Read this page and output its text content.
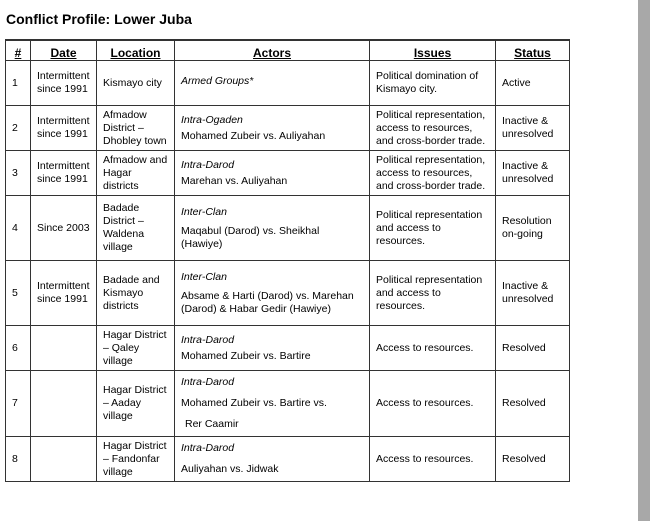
Conflict Profile: Lower Juba
#	Date	Location	Actors	Issues	Status
1	Intermittent since 1991	Kismayo city	Armed Groups*	Political domination of Kismayo city.	Active
2	Intermittent since 1991	Afmadow District – Dhobley town	Intra-Ogaden
Mohamed Zubeir vs. Auliyahan	Political representation, access to resources, and cross-border trade.	Inactive & unresolved
3	Intermittent since 1991	Afmadow and Hagar districts	Intra-Darod
Marehan vs. Auliyahan	Political representation, access to resources, and cross-border trade.	Inactive & unresolved
4	Since 2003	Badade District – Waldena village	Inter-Clan
Maqabul (Darod) vs. Sheikhal (Hawiye)	Political representation and access to resources.	Resolution on-going
5	Intermittent since 1991	Badade and Kismayo districts	Inter-Clan
Absame & Harti (Darod) vs. Marehan (Darod) & Habar Gedir (Hawiye)	Political representation and access to resources.	Inactive & unresolved
6		Hagar District – Qaley village	Intra-Darod
Mohamed Zubeir vs. Bartire	Access to resources.	Resolved
7		Hagar District – Aaday village	Intra-Darod
Mohamed Zubeir vs. Bartire vs.
Rer Caamir	Access to resources.	Resolved
8		Hagar District – Fandonfar village	Intra-Darod
Auliyahan vs. Jidwak	Access to resources.	Resolved
